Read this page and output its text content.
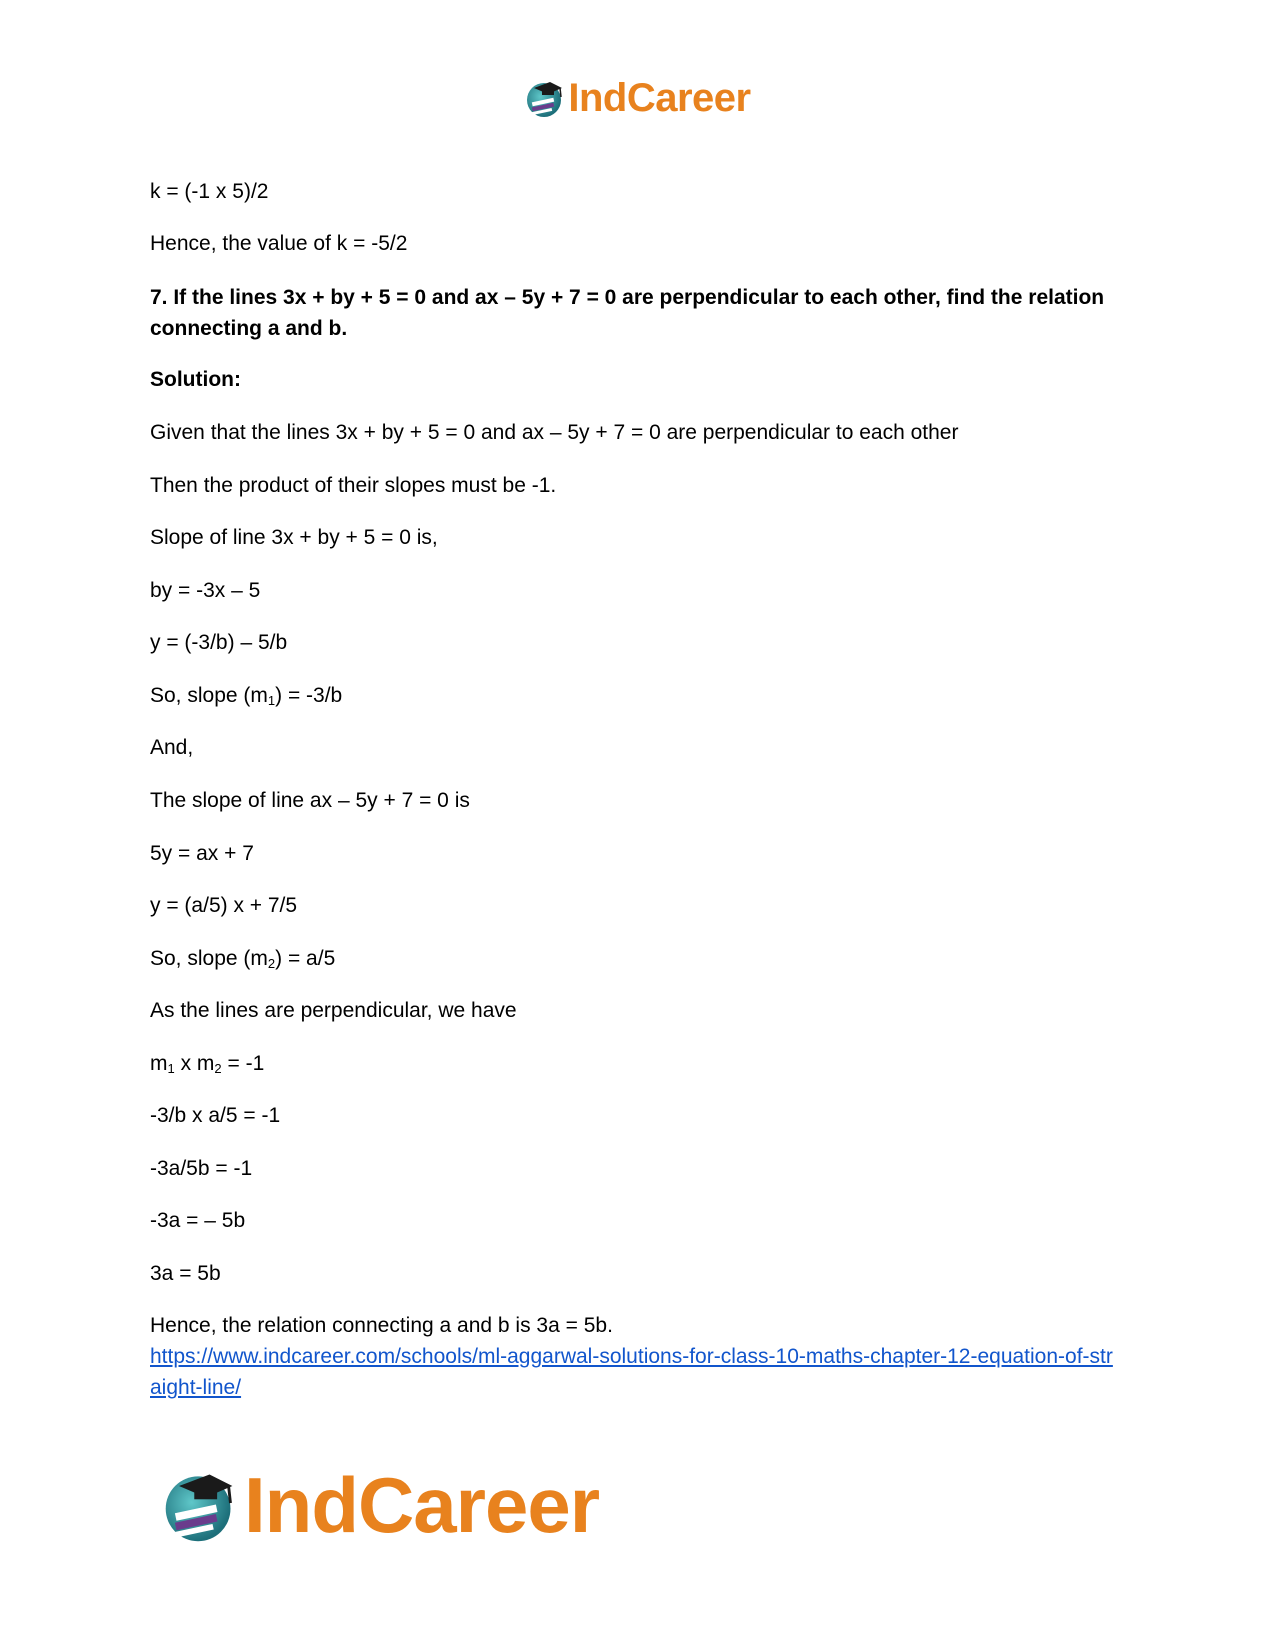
IndCareer
k = (-1 x 5)/2
Hence, the value of k = -5/2
7. If the lines 3x + by + 5 = 0 and ax – 5y + 7 = 0 are perpendicular to each other, find the relation connecting a and b.
Solution:
Given that the lines 3x + by + 5 = 0 and ax – 5y + 7 = 0 are perpendicular to each other
Then the product of their slopes must be -1.
Slope of line 3x + by + 5 = 0 is,
by = -3x – 5
y = (-3/b) – 5/b
So, slope $(m_1) = -3/b$
And,
The slope of line ax – 5y + 7 = 0 is
5y = ax + 7
y = (a/5) x + 7/5
So, slope $(m_2) = a/5$
As the lines are perpendicular, we have
$m_1$ x $m_2 = -1$
-3/b x a/5 = -1
-3a/5b = -1
-3a = – 5b
3a = 5b
Hence, the relation connecting a and b is 3a = 5b.
https://www.indcareer.com/schools/ml-aggarwal-solutions-for-class-10-maths-chapter-12-equation-of-straight-line/
IndCareer
